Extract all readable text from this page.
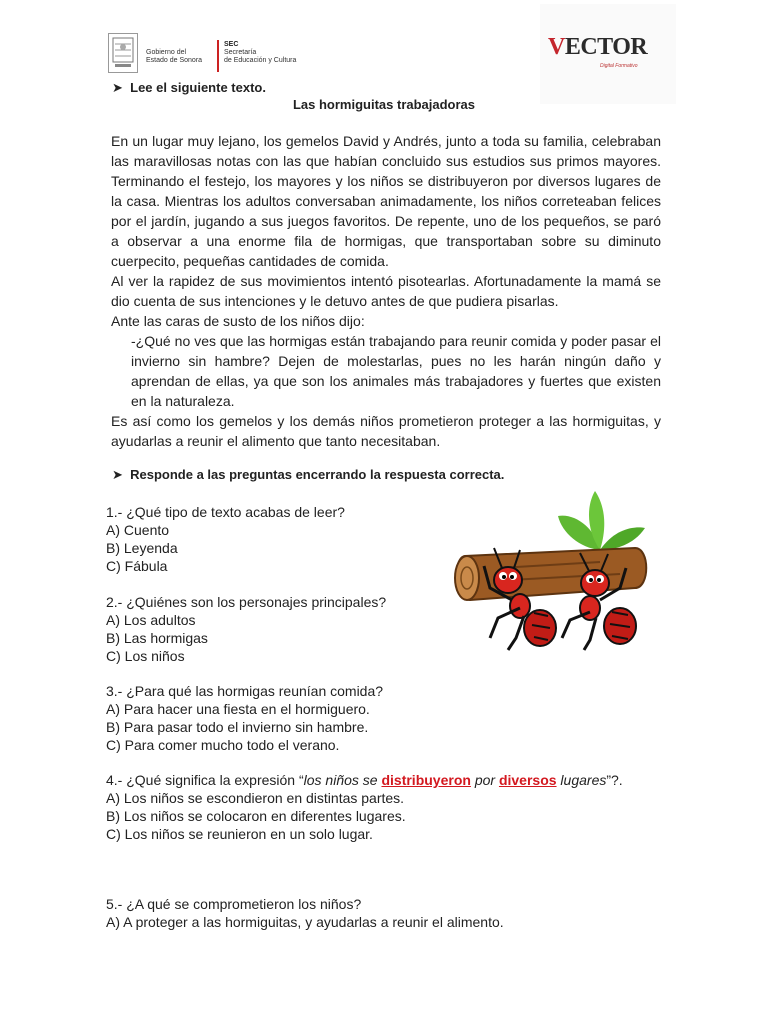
Gobierno del
Estado de Sonora
SEC
Secretaría
de Educación y Cultura
VECTOR
Digital Formativo
➤ Lee el siguiente texto.
Las hormiguitas trabajadoras

En un lugar muy lejano, los gemelos David y Andrés, junto a toda su familia, celebraban las maravillosas notas con las que habían concluido sus estudios sus primos mayores. Terminando el festejo, los mayores y los niños se distribuyeron por diversos lugares de la casa. Mientras los adultos conversaban animadamente, los niños correteaban felices por el jardín, jugando a sus juegos favoritos. De repente, uno de los pequeños, se paró a observar a una enorme fila de hormigas, que transportaban sobre su diminuto cuerpecito, pequeñas cantidades de comida.

Al ver la rapidez de sus movimientos intentó pisotearlas. Afortunadamente la mamá se dio cuenta de sus intenciones y le detuvo antes de que pudiera pisarlas.

Ante las caras de susto de los niños dijo:

-¿Qué no ves que las hormigas están trabajando para reunir comida y poder pasar el invierno sin hambre? Dejen de molestarlas, pues no les harán ningún daño y aprendan de ellas, ya que son los animales más trabajadores y fuertes que existen en la naturaleza.

Es así como los gemelos y los demás niños prometieron proteger a las hormiguitas, y ayudarlas a reunir el alimento que tanto necesitaban.

➤ Responde a las preguntas encerrando la respuesta correcta.
1.- ¿Qué tipo de texto acabas de leer?
A) Cuento
B) Leyenda
C) Fábula
2.- ¿Quiénes son los personajes principales?
A) Los adultos
B) Las hormigas
C) Los niños
3.- ¿Para qué las hormigas reunían comida?
A) Para hacer una fiesta en el hormiguero.
B) Para pasar todo el invierno sin hambre.
C) Para comer mucho todo el verano.
4.- ¿Qué significa la expresión “los niños se distribuyeron por diversos lugares”?.
A) Los niños se escondieron en distintas partes.
B) Los niños se colocaron en diferentes lugares.
C) Los niños se reunieron en un solo lugar.
5.- ¿A qué se comprometieron los niños?
A) A proteger a las hormiguitas, y ayudarlas a reunir el alimento.
